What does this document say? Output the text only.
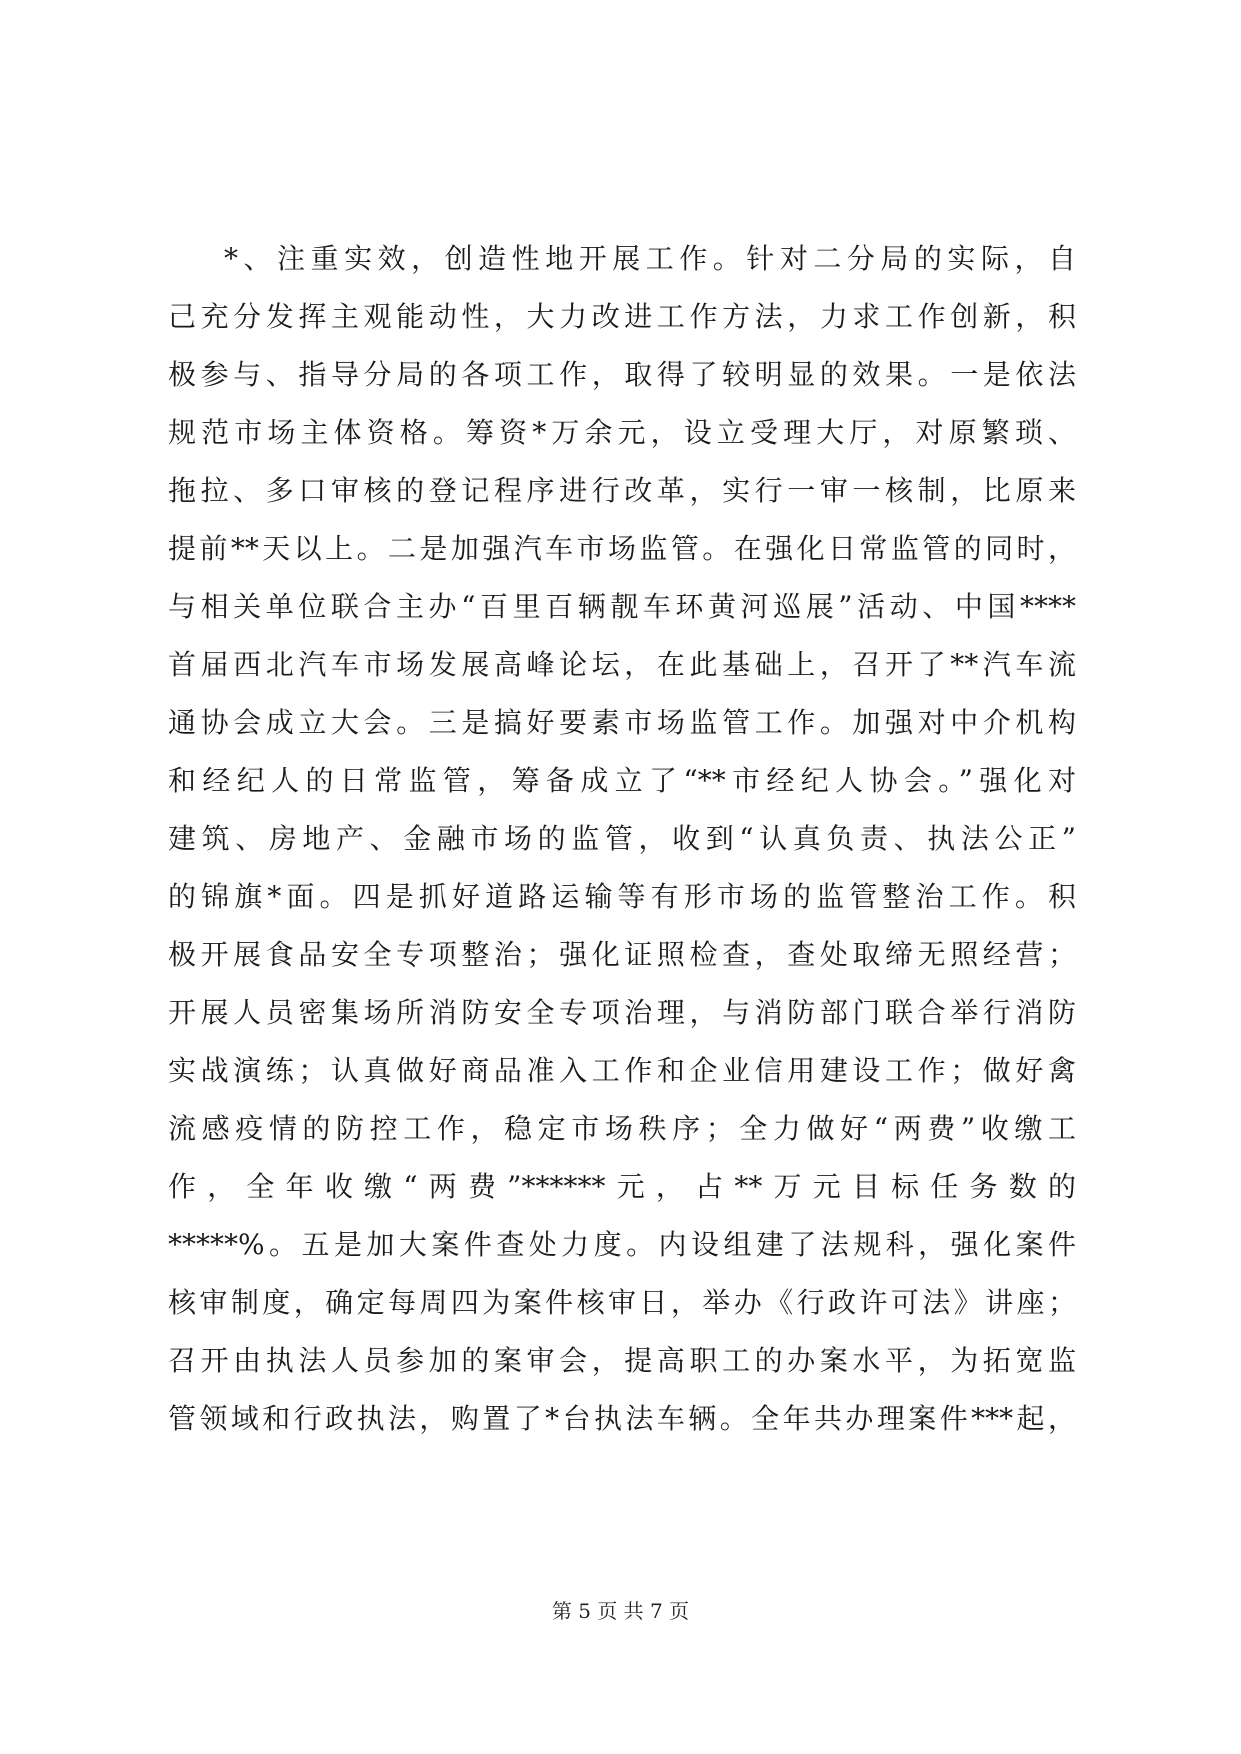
*、注重实效，创造性地开展工作。针对二分局的实际，自
己充分发挥主观能动性，大力改进工作方法，力求工作创新，积
极参与、指导分局的各项工作，取得了较明显的效果。一是依法
规范市场主体资格。筹资*万余元，设立受理大厅，对原繁琐、
拖拉、多口审核的登记程序进行改革，实行一审一核制，比原来
提前**天以上。二是加强汽车市场监管。在强化日常监管的同时，
与相关单位联合主办“百里百辆靓车环黄河巡展”活动、中国****
首届西北汽车市场发展高峰论坛，在此基础上，召开了**汽车流
通协会成立大会。三是搞好要素市场监管工作。加强对中介机构
和经纪人的日常监管，筹备成立了“**市经纪人协会。”强化对
建筑、房地产、金融市场的监管，收到“认真负责、执法公正”
的锦旗*面。四是抓好道路运输等有形市场的监管整治工作。积
极开展食品安全专项整治；强化证照检查，查处取缔无照经营；
开展人员密集场所消防安全专项治理，与消防部门联合举行消防
实战演练；认真做好商品准入工作和企业信用建设工作；做好禽
流感疫情的防控工作，稳定市场秩序；全力做好“两费”收缴工
作，全年收缴“两费”******元，占**万元目标任务数的
*****%。五是加大案件查处力度。内设组建了法规科，强化案件
核审制度，确定每周四为案件核审日，举办《行政许可法》讲座；
召开由执法人员参加的案审会，提高职工的办案水平，为拓宽监
管领域和行政执法，购置了*台执法车辆。全年共办理案件***起，
第 5 页 共 7 页
